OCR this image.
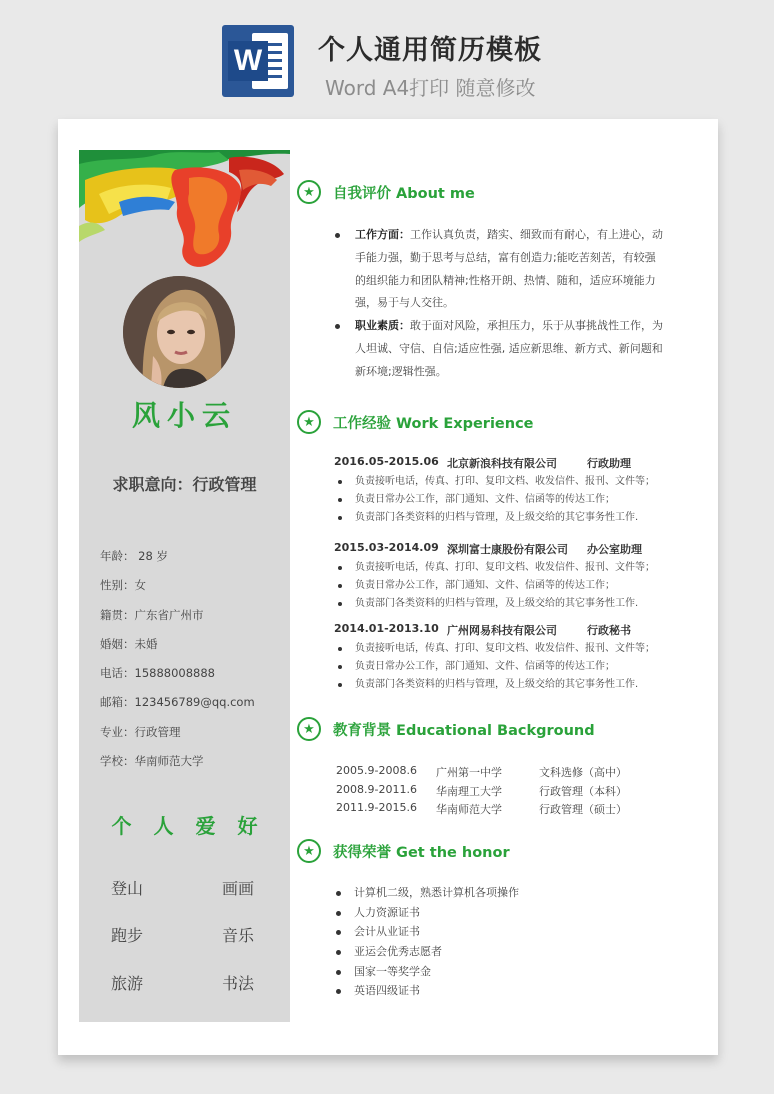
W 个人通用简历模板
Word A4打印 随意修改
风小云
求职意向：行政管理
年龄： 28 岁
性别：女
籍贯：广东省广州市
婚姻：未婚
电话：15888008888
邮箱：123456789@qq.com
专业：行政管理
学校：华南师范大学
个人爱好
登山	画画
跑步	音乐
旅游	书法
★	自我评价 About me
工作方面：工作认真负责，踏实、细致而有耐心，有上进心，动手能力强，勤于思考与总结，富有创造力;能吃苦刻苦，有较强的组织能力和团队精神;性格开朗、热情、随和，适应环境能力强，易于与人交往。
职业素质：敢于面对风险，承担压力，乐于从事挑战性工作，为人坦诚、守信、自信;适应性强, 适应新思维、新方式、新问题和新环境;逻辑性强。
★	工作经验 Work Experience
2016.05-2015.06 北京新浪科技有限公司	行政助理
负责接听电话，传真、打印、复印文档、收发信件、报刊、文件等；
负责日常办公工作，部门通知、文件、信函等的传达工作；
负责部门各类资料的归档与管理，及上级交给的其它事务性工作.
2015.03-2014.09 深圳富士康股份有限公司	办公室助理
负责接听电话，传真、打印、复印文档、收发信件、报刊、文件等；
负责日常办公工作，部门通知、文件、信函等的传达工作；
负责部门各类资料的归档与管理，及上级交给的其它事务性工作.
2014.01-2013.10 广州网易科技有限公司	行政秘书
负责接听电话，传真、打印、复印文档、收发信件、报刊、文件等；
负责日常办公工作，部门通知、文件、信函等的传达工作；
负责部门各类资料的归档与管理，及上级交给的其它事务性工作.
★	教育背景 Educational Background
2005.9-2008.6	广州第一中学	文科选修（高中）
2008.9-2011.6	华南理工大学	行政管理（本科）
2011.9-2015.6	华南师范大学	行政管理（硕士）
★	获得荣誉 Get the honor
计算机二级，熟悉计算机各项操作
人力资源证书
会计从业证书
亚运会优秀志愿者
国家一等奖学金
英语四级证书
